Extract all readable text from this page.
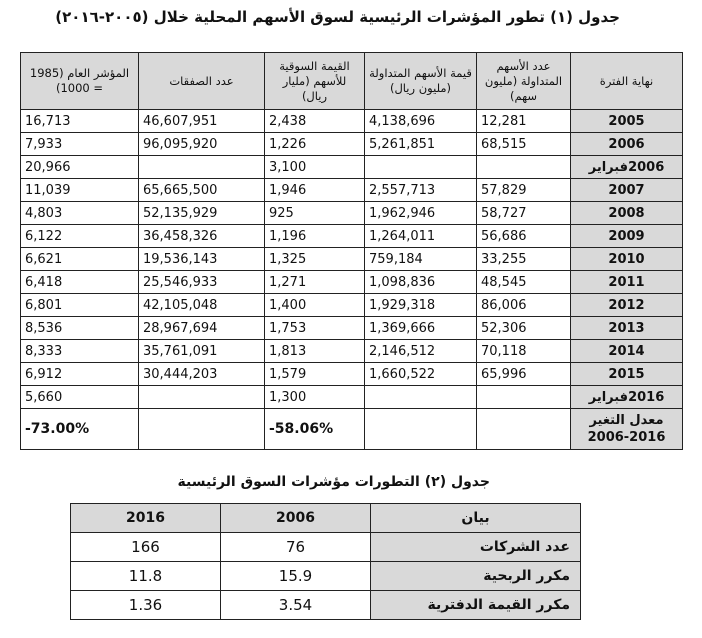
جدول (١) تطور المؤشرات الرئيسية لسوق الأسهم المحلية خلال (٢٠٠٥-٢٠١٦)
نهاية الفترة	عدد الأسهم المتداولة (مليون سهم)	قيمة الأسهم المتداولة (مليون ريال)	القيمة السوقية للأسهم (مليار ريال)	عدد الصفقات	المؤشر العام (1985 = 1000)
2005	12,281	4,138,696	2,438	46,607,951	16,713
2006	68,515	5,261,851	1,226	96,095,920	7,933
2006فبراير			3,100		20,966
2007	57,829	2,557,713	1,946	65,665,500	11,039
2008	58,727	1,962,946	925	52,135,929	4,803
2009	56,686	1,264,011	1,196	36,458,326	6,122
2010	33,255	759,184	1,325	19,536,143	6,621
2011	48,545	1,098,836	1,271	25,546,933	6,418
2012	86,006	1,929,318	1,400	42,105,048	6,801
2013	52,306	1,369,666	1,753	28,967,694	8,536
2014	70,118	2,146,512	1,813	35,761,091	8,333
2015	65,996	1,660,522	1,579	30,444,203	6,912
2016فبراير			1,300		5,660

معدل التغير
2006-2016			-58.06%		-73.00%
جدول (٢) التطورات مؤشرات السوق الرئيسية
بيان	2006	2016
عدد الشركات	76	166
مكرر الربحية	15.9	11.8
مكرر القيمة الدفترية	3.54	1.36
